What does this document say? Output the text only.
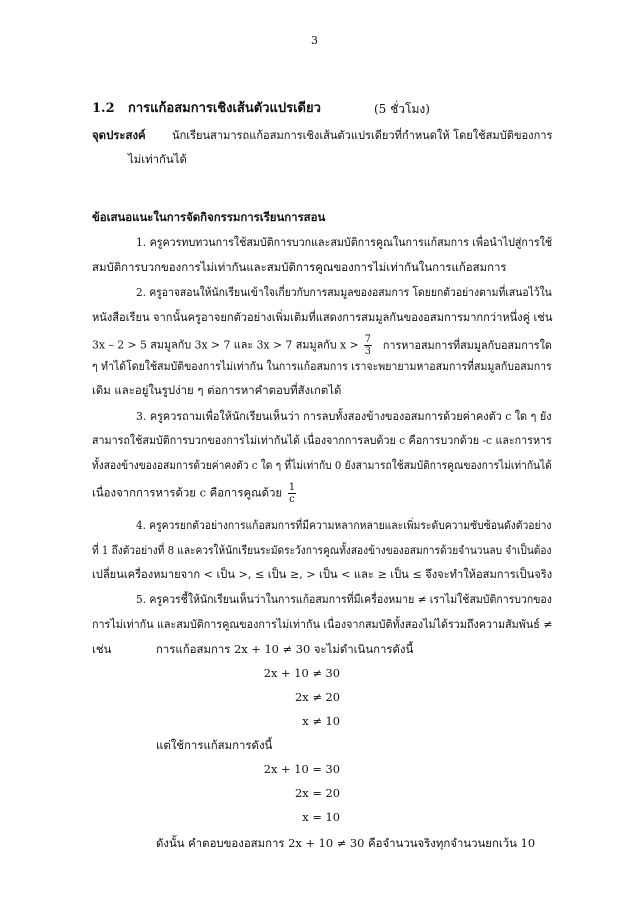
3
1.2 การแก้อสมการเชิงเส้นตัวแปรเดียว	(5 ชั่วโมง)
จุดประสงค์ นักเรียนสามารถแก้อสมการเชิงเส้นตัวแปรเดียวที่กำหนดให้ โดยใช้สมบัติของการ
ไม่เท่ากันได้
ข้อเสนอแนะในการจัดกิจกรรมการเรียนการสอน
1. ครูควรทบทวนการใช้สมบัติการบวกและสมบัติการคูณในการแก้สมการ เพื่อนำไปสู่การใช้
สมบัติการบวกของการไม่เท่ากันและสมบัติการคูณของการไม่เท่ากันในการแก้อสมการ
2. ครูอาจสอนให้นักเรียนเข้าใจเกี่ยวกับการสมมูลของอสมการ โดยยกตัวอย่างตามที่เสนอไว้ใน
หนังสือเรียน จากนั้นครูอาจยกตัวอย่างเพิ่มเติมที่แสดงการสมมูลกันของอสมการมากกว่าหนึ่งคู่ เช่น
3x – 2 > 5 สมมูลกับ 3x > 7 และ 3x > 7 สมมูลกับ $x > \frac{7}{3}$ การหาอสมการที่สมมูลกับอสมการใด
ๆ ทำได้โดยใช้สมบัติของการไม่เท่ากัน ในการแก้อสมการ เราจะพยายามหาอสมการที่สมมูลกับอสมการ
เดิม และอยู่ในรูปง่าย ๆ ต่อการหาคำตอบที่สังเกตได้
3. ครูควรถามเพื่อให้นักเรียนเห็นว่า การลบทั้งสองข้างของอสมการด้วยค่าคงตัว c ใด ๆ ยัง
สามารถใช้สมบัติการบวกของการไม่เท่ากันได้ เนื่องจากการลบด้วย c คือการบวกด้วย -c และการหาร
ทั้งสองข้างของอสมการด้วยค่าคงตัว c ใด ๆ ที่ไม่เท่ากับ 0 ยังสามารถใช้สมบัติการคูณของการไม่เท่ากันได้
เนื่องจากการหารด้วย c คือการคูณด้วย $\frac{1}{c}$
4. ครูควรยกตัวอย่างการแก้อสมการที่มีความหลากหลายและเพิ่มระดับความซับซ้อนดังตัวอย่าง
ที่ 1 ถึงตัวอย่างที่ 8 และควรให้นักเรียนระมัดระวังการคูณทั้งสองข้างของอสมการด้วยจำนวนลบ จำเป็นต้อง
เปลี่ยนเครื่องหมายจาก < เป็น >, ≤ เป็น ≥, > เป็น < และ ≥ เป็น ≤ จึงจะทำให้อสมการเป็นจริง
5. ครูควรชี้ให้นักเรียนเห็นว่าในการแก้อสมการที่มีเครื่องหมาย ≠ เราไม่ใช้สมบัติการบวกของ
การไม่เท่ากัน และสมบัติการคูณของการไม่เท่ากัน เนื่องจากสมบัติทั้งสองไม่ได้รวมถึงความสัมพันธ์ ≠
เช่น	การแก้อสมการ 2x + 10 ≠ 30 จะไม่ดำเนินการดังนี้
2x + 10 ≠ 30
2x ≠ 20
x ≠ 10
แต่ใช้การแก้สมการดังนี้
2x + 10 = 30
2x = 20
x = 10
ดังนั้น คำตอบของอสมการ 2x + 10 ≠ 30 คือจำนวนจริงทุกจำนวนยกเว้น 10
